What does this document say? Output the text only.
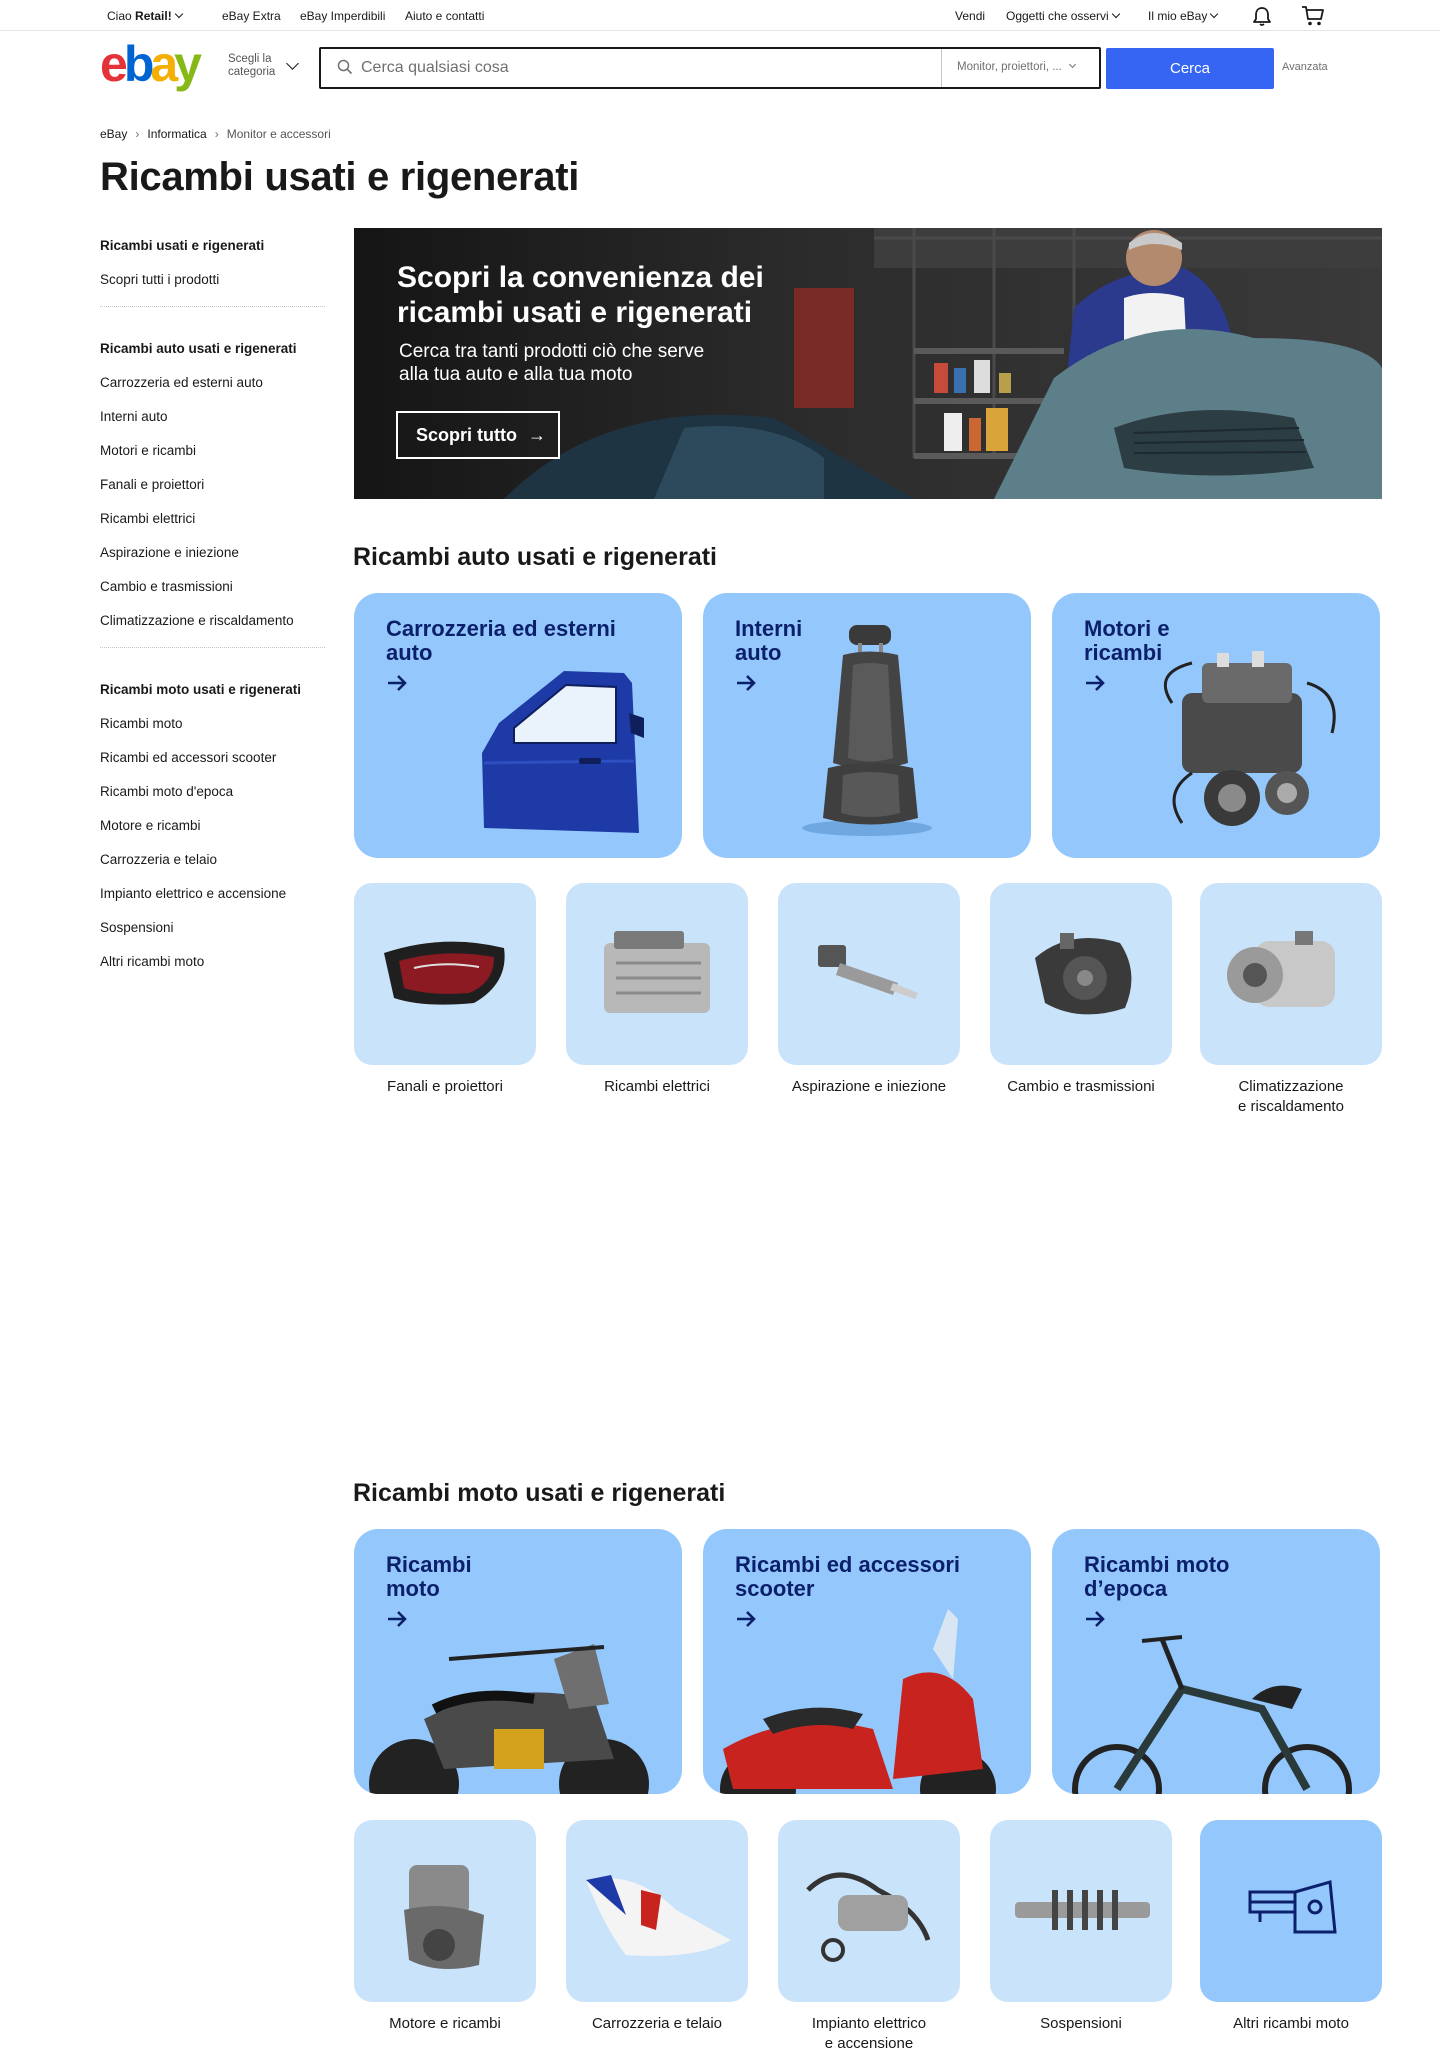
Ciao Retail!	eBay Extra eBay Imperdibili Aiuto e contatti	Vendi Oggetti che osservi	Il mio eBay
ebay	Scegli la
categoria
Cerca qualsiasi cosa	Monitor, proiettori, ...	Cerca	Avanzata
eBay › Informatica › Monitor e accessori
Ricambi usati e rigenerati
Ricambi usati e rigenerati
Scopri tutti i prodotti
Ricambi auto usati e rigenerati
Carrozzeria ed esterni auto
Interni auto
Motori e ricambi
Fanali e proiettori
Ricambi elettrici
Aspirazione e iniezione
Cambio e trasmissioni
Climatizzazione e riscaldamento
Ricambi moto usati e rigenerati
Ricambi moto
Ricambi ed accessori scooter
Ricambi moto d'epoca
Motore e ricambi
Carrozzeria e telaio
Impianto elettrico e accensione
Sospensioni
Altri ricambi moto
Scopri la convenienza dei ricambi usati e rigenerati
Cerca tra tanti prodotti ciò che serve alla tua auto e alla tua moto
Scopri tutto →
Ricambi auto usati e rigenerati
Carrozzeria ed esterni auto
Interni auto
Motori e ricambi
Fanali e proiettori	Ricambi elettrici	Aspirazione e iniezione	Cambio e trasmissioni	Climatizzazione
e riscaldamento
Ricambi moto usati e rigenerati
Ricambi moto
Ricambi ed accessori scooter
Ricambi moto d’epoca
Motore e ricambi	Carrozzeria e telaio	Impianto elettrico
e accensione
Sospensioni	Altri ricambi moto
